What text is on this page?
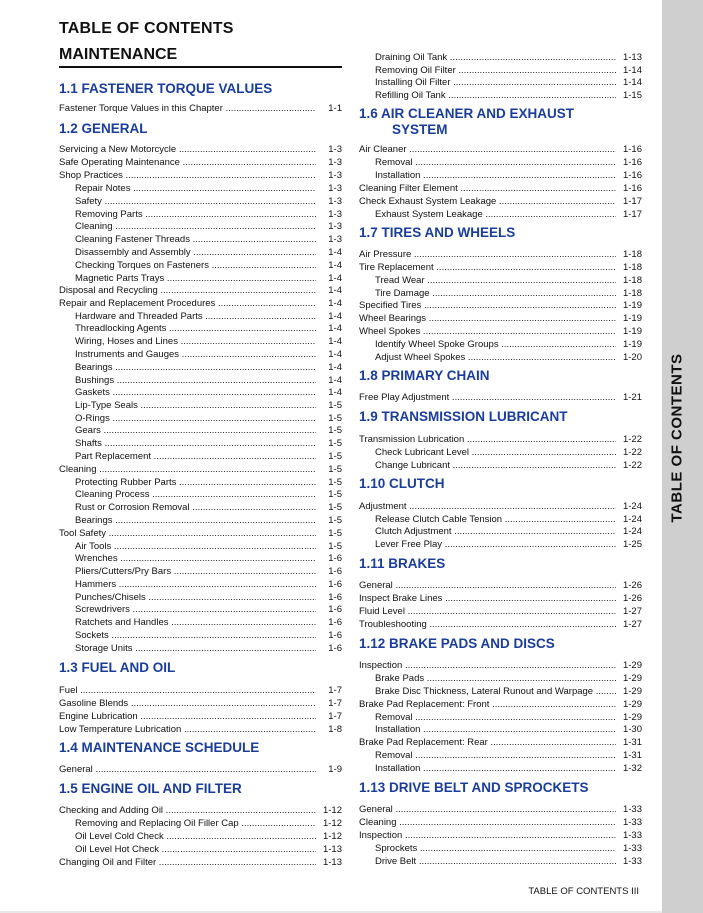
TABLE OF CONTENTS
MAINTENANCE
1.1 FASTENER TORQUE VALUES
Fastener Torque Values in this Chapter .....	1-1
1.2 GENERAL
Servicing a New Motorcycle .....	1-3
Safe Operating Maintenance .....	1-3
Shop Practices .....	1-3
Repair Notes .....	1-3
Safety .....	1-3
Removing Parts .....	1-3
Cleaning .....	1-3
Cleaning Fastener Threads .....	1-3
Disassembly and Assembly .....	1-4
Checking Torques on Fasteners .....	1-4
Magnetic Parts Trays .....	1-4
Disposal and Recycling .....	1-4
Repair and Replacement Procedures .....	1-4
Hardware and Threaded Parts .....	1-4
Threadlocking Agents .....	1-4
Wiring, Hoses and Lines .....	1-4
Instruments and Gauges .....	1-4
Bearings .....	1-4
Bushings .....	1-4
Gaskets .....	1-4
Lip-Type Seals .....	1-5
O-Rings .....	1-5
Gears .....	1-5
Shafts .....	1-5
Part Replacement .....	1-5
Cleaning .....	1-5
Protecting Rubber Parts .....	1-5
Cleaning Process .....	1-5
Rust or Corrosion Removal .....	1-5
Bearings .....	1-5
Tool Safety .....	1-5
Air Tools .....	1-5
Wrenches .....	1-6
Pliers/Cutters/Pry Bars .....	1-6
Hammers .....	1-6
Punches/Chisels .....	1-6
Screwdrivers .....	1-6
Ratchets and Handles .....	1-6
Sockets .....	1-6
Storage Units .....	1-6
1.3 FUEL AND OIL
Fuel .....	1-7
Gasoline Blends .....	1-7
Engine Lubrication .....	1-7
Low Temperature Lubrication .....	1-8
1.4 MAINTENANCE SCHEDULE
General .....	1-9
1.5 ENGINE OIL AND FILTER
Checking and Adding Oil .....	1-12
Removing and Replacing Oil Filler Cap .....	1-12
Oil Level Cold Check .....	1-12
Oil Level Hot Check .....	1-13
Changing Oil and Filter .....	1-13
Draining Oil Tank .....	1-13
Removing Oil Filter .....	1-14
Installing Oil Filter .....	1-14
Refilling Oil Tank .....	1-15
1.6 AIR CLEANER AND EXHAUST
SYSTEM
Air Cleaner .....	1-16
Removal .....	1-16
Installation .....	1-16
Cleaning Filter Element .....	1-16
Check Exhaust System Leakage .....	1-17
Exhaust System Leakage .....	1-17
1.7 TIRES AND WHEELS
Air Pressure .....	1-18
Tire Replacement .....	1-18
Tread Wear .....	1-18
Tire Damage .....	1-18
Specified Tires .....	1-19
Wheel Bearings .....	1-19
Wheel Spokes .....	1-19
Identify Wheel Spoke Groups .....	1-19
Adjust Wheel Spokes .....	1-20
1.8 PRIMARY CHAIN
Free Play Adjustment .....	1-21
1.9 TRANSMISSION LUBRICANT
Transmission Lubrication .....	1-22
Check Lubricant Level .....	1-22
Change Lubricant .....	1-22
1.10 CLUTCH
Adjustment .....	1-24
Release Clutch Cable Tension .....	1-24
Clutch Adjustment .....	1-24
Lever Free Play .....	1-25
1.11 BRAKES
General .....	1-26
Inspect Brake Lines .....	1-26
Fluid Level .....	1-27
Troubleshooting .....	1-27
1.12 BRAKE PADS AND DISCS
Inspection .....	1-29
Brake Pads .....	1-29
Brake Disc Thickness, Lateral Runout and Warpage .....	1-29
Brake Pad Replacement: Front .....	1-29
Removal .....	1-29
Installation .....	1-30
Brake Pad Replacement: Rear .....	1-31
Removal .....	1-31
Installation .....	1-32
1.13 DRIVE BELT AND SPROCKETS
General .....	1-33
Cleaning .....	1-33
Inspection .....	1-33
Sprockets .....	1-33
Drive Belt .....	1-33
TABLE OF CONTENTS
TABLE OF CONTENTS III
